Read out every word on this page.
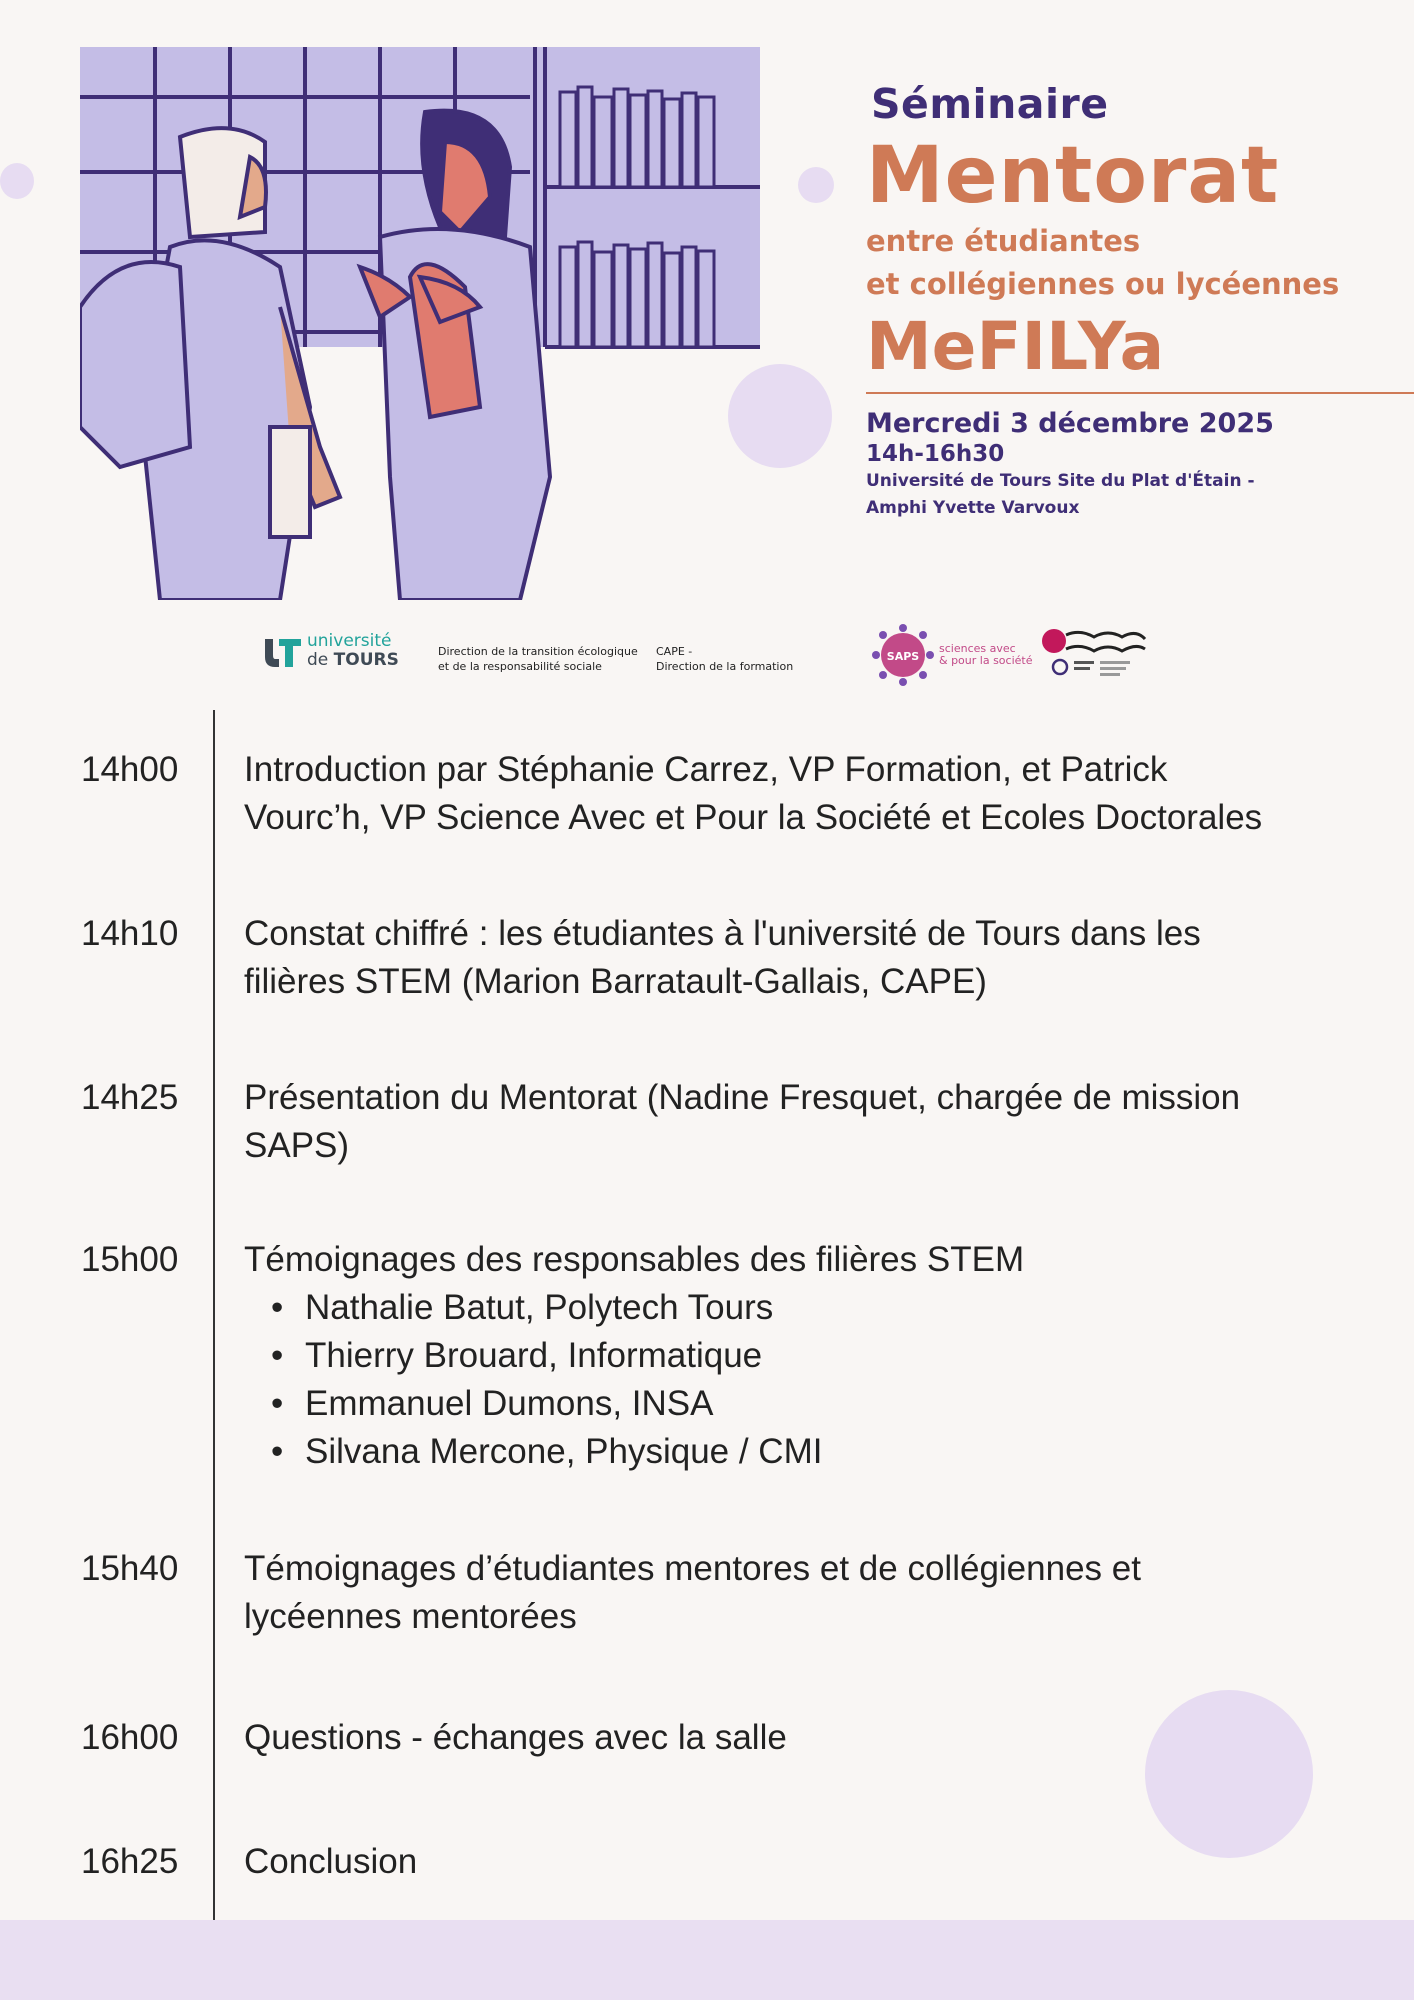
Séminaire
Mentorat
entre étudiantes
et collégiennes ou lycéennes
MeFILYa
Mercredi 3 décembre 2025
14h-16h30
Université de Tours Site du Plat d'Étain -
Amphi Yvette Varvoux
université
de TOURS	Direction de la transition écologique
et de la responsabilité sociale
CAPE -
Direction de la formation
SAPS
sciences avec
& pour la société
14h00 Introduction par Stéphanie Carrez, VP Formation, et Patrick
Vourc’h, VP Science Avec et Pour la Société et Ecoles Doctorales
14h10 Constat chiffré : les étudiantes à l'université de Tours dans les
filières STEM (Marion Barratault-Gallais, CAPE)
14h25 Présentation du Mentorat (Nadine Fresquet, chargée de mission
SAPS)
15h00 Témoignages des responsables des filières STEM
• Nathalie Batut, Polytech Tours
• Thierry Brouard, Informatique
• Emmanuel Dumons, INSA
• Silvana Mercone, Physique / CMI
15h40 Témoignages d’étudiantes mentores et de collégiennes et
lycéennes mentorées
16h00 Questions - échanges avec la salle
16h25 Conclusion
